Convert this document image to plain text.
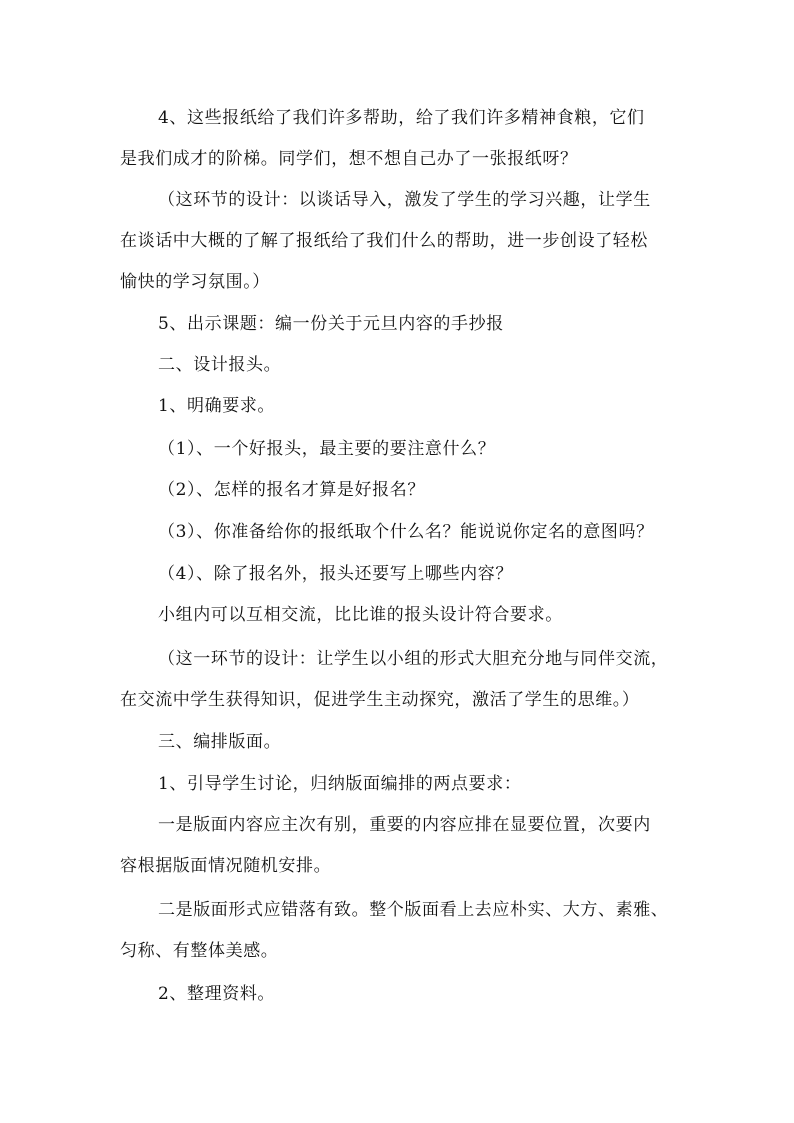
4、这些报纸给了我们许多帮助，给了我们许多精神食粮，它们
是我们成才的阶梯。同学们，想不想自己办了一张报纸呀？
（这环节的设计：以谈话导入，激发了学生的学习兴趣，让学生
在谈话中大概的了解了报纸给了我们什么的帮助，进一步创设了轻松
愉快的学习氛围。）
5、出示课题：编一份关于元旦内容的手抄报
二、设计报头。
1、明确要求。
（1）、一个好报头，最主要的要注意什么？
（2）、怎样的报名才算是好报名？
（3）、你准备给你的报纸取个什么名？能说说你定名的意图吗？
（4）、除了报名外，报头还要写上哪些内容？
小组内可以互相交流，比比谁的报头设计符合要求。
（这一环节的设计：让学生以小组的形式大胆充分地与同伴交流，
在交流中学生获得知识，促进学生主动探究，激活了学生的思维。）
三、编排版面。
1、引导学生讨论，归纳版面编排的两点要求：
一是版面内容应主次有别，重要的内容应排在显要位置，次要内
容根据版面情况随机安排。
二是版面形式应错落有致。整个版面看上去应朴实、大方、素雅、
匀称、有整体美感。
2、整理资料。
